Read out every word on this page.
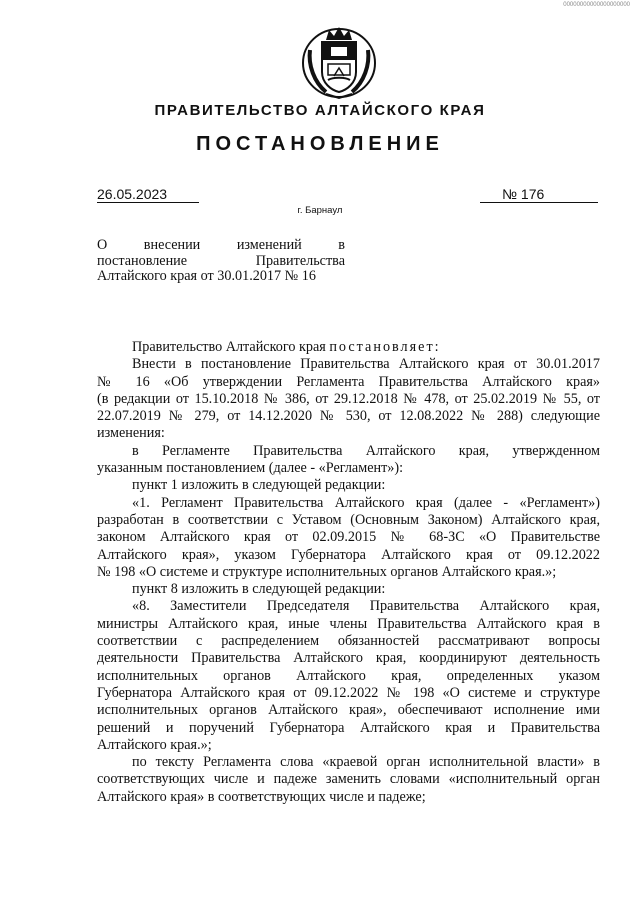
00000000000000000000
ПРАВИТЕЛЬСТВО АЛТАЙСКОГО КРАЯ
ПОСТАНОВЛЕНИЕ
26.05.2023	№ 176
г. Барнаул
О внесении изменений в
постановление Правительства
Алтайского края от 30.01.2017 № 16
Правительство Алтайского края постановляет:
Внести в постановление Правительства Алтайского края от 30.01.2017
№ 16 «Об утверждении Регламента Правительства Алтайского края»
(в редакции от 15.10.2018 № 386, от 29.12.2018 № 478, от 25.02.2019 № 55, от
22.07.2019 № 279, от 14.12.2020 № 530, от 12.08.2022 № 288) следующие
изменения:
в Регламенте Правительства Алтайского края, утвержденном
указанным постановлением (далее - «Регламент»):
пункт 1 изложить в следующей редакции:
«1. Регламент Правительства Алтайского края (далее - «Регламент»)
разработан в соответствии с Уставом (Основным Законом) Алтайского края,
законом Алтайского края от 02.09.2015 № 68-ЗС «О Правительстве
Алтайского края», указом Губернатора Алтайского края от 09.12.2022
№ 198 «О системе и структуре исполнительных органов Алтайского края.»;
пункт 8 изложить в следующей редакции:
«8. Заместители Председателя Правительства Алтайского края,
министры Алтайского края, иные члены Правительства Алтайского края в
соответствии с распределением обязанностей рассматривают вопросы
деятельности Правительства Алтайского края, координируют деятельность
исполнительных органов Алтайского края, определенных указом
Губернатора Алтайского края от 09.12.2022 № 198 «О системе и структуре
исполнительных органов Алтайского края», обеспечивают исполнение ими
решений и поручений Губернатора Алтайского края и Правительства
Алтайского края.»;
по тексту Регламента слова «краевой орган исполнительной власти» в
соответствующих числе и падеже заменить словами «исполнительный орган
Алтайского края» в соответствующих числе и падеже;
